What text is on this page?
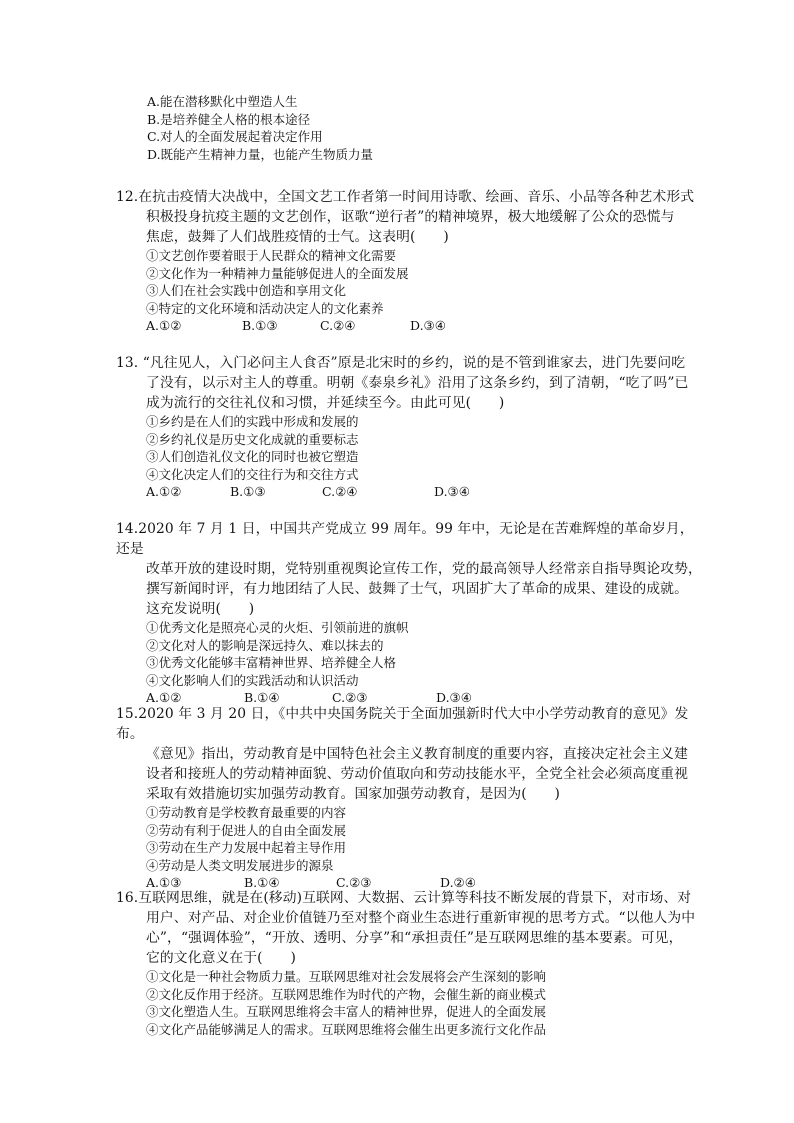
A.能在潜移默化中塑造人生
B.是培养健全人格的根本途径
C.对人的全面发展起着决定作用
D.既能产生精神力量，也能产生物质力量
12.在抗击疫情大决战中，全国文艺工作者第一时间用诗歌、绘画、音乐、小品等各种艺术形式
积极投身抗疫主题的文艺创作，讴歌“逆行者”的精神境界，极大地缓解了公众的恐慌与
焦虑，鼓舞了人们战胜疫情的士气。这表明(　　)
①文艺创作要着眼于人民群众的精神文化需要
②文化作为一种精神力量能够促进人的全面发展
③人们在社会实践中创造和享用文化
④特定的文化环境和活动决定人的文化素养
A.①②	B.①③	C.②④	D.③④
13. “凡往见人，入门必问主人食否”原是北宋时的乡约，说的是不管到谁家去，进门先要问吃
了没有，以示对主人的尊重。明朝《泰泉乡礼》沿用了这条乡约，到了清朝，“吃了吗”已
成为流行的交往礼仪和习惯，并延续至今。由此可见(　　)
①乡约是在人们的实践中形成和发展的
②乡约礼仪是历史文化成就的重要标志
③人们创造礼仪文化的同时也被它塑造
④文化决定人们的交往行为和交往方式
A.①②	B.①③	C.②④	D.③④
14.2020 年 7 月 1 日，中国共产党成立 99 周年。99 年中，无论是在苦难辉煌的革命岁月，还是
改革开放的建设时期，党特别重视舆论宣传工作，党的最高领导人经常亲自指导舆论攻势，
撰写新闻时评，有力地团结了人民、鼓舞了士气，巩固扩大了革命的成果、建设的成就。
这充发说明(　　)
①优秀文化是照亮心灵的火炬、引领前进的旗帜
②文化对人的影响是深远持久、难以抹去的
③优秀文化能够丰富精神世界、培养健全人格
④文化影响人们的实践活动和认识活动
A.①②	B.①④	C.②③	D.③④
15.2020 年 3 月 20 日，《中共中央国务院关于全面加强新时代大中小学劳动教育的意见》发布。
《意见》指出，劳动教育是中国特色社会主义教育制度的重要内容，直接决定社会主义建
设者和接班人的劳动精神面貌、劳动价值取向和劳动技能水平，全党全社会必须高度重视
采取有效措施切实加强劳动教育。国家加强劳动教育，是因为(　　)
①劳动教育是学校教育最重要的内容
②劳动有利于促进人的自由全面发展
③劳动在生产力发展中起着主导作用
④劳动是人类文明发展进步的源泉
A.①③	B.①④	C.②③	D.②④
16.互联网思维，就是在(移动)互联网、大数据、云计算等科技不断发展的背景下，对市场、对
用户、对产品、对企业价值链乃至对整个商业生态进行重新审视的思考方式。“以他人为中
心”，“强调体验”，“开放、透明、分享”和“承担责任”是互联网思维的基本要素。可见，
它的文化意义在于(　　)
①文化是一种社会物质力量。互联网思维对社会发展将会产生深刻的影响
②文化反作用于经济。互联网思维作为时代的产物，会催生新的商业模式
③文化塑造人生。互联网思维将会丰富人的精神世界，促进人的全面发展
④文化产品能够满足人的需求。互联网思维将会催生出更多流行文化作品
